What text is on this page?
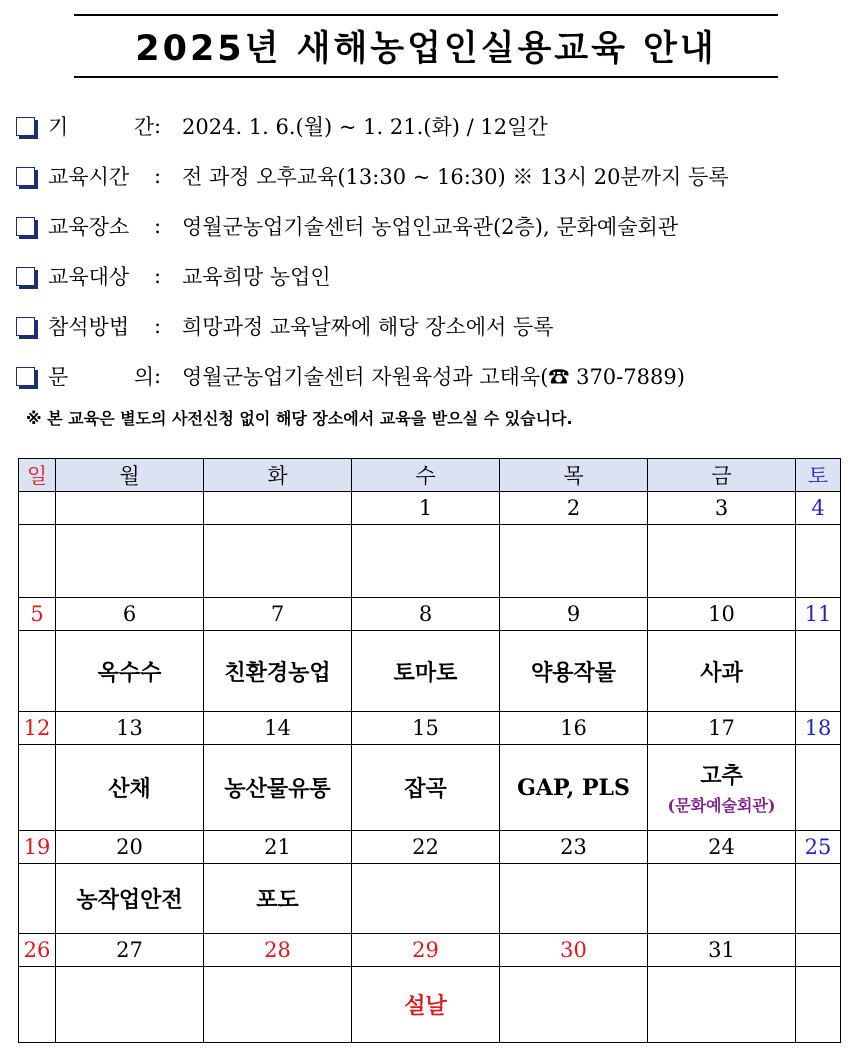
2025년 새해농업인실용교육 안내
기	간 : 2024. 1. 6.(월) ~ 1. 21.(화) / 12일간
교육시간	: 전 과정 오후교육(13:30 ~ 16:30) ※ 13시 20분까지 등록
교육장소	: 영월군농업기술센터 농업인교육관(2층), 문화예술회관
교육대상	: 교육희망 농업인
참석방법	: 희망과정 교육날짜에 해당 장소에서 등록
문	의 : 영월군농업기술센터 자원육성과 고태욱(☎ 370-7889)
※ 본 교육은 별도의 사전신청 없이 해당 장소에서 교육을 받으실 수 있습니다.
일	월	화	수	목	금	토
			1	2	3	4

5	6	7	8	9	10	11
	옥수수	친환경농업	토마토	약용작물	사과	
12	13	14	15	16	17	18
	산채	농산물유통	잡곡	GAP, PLS	고추
(문화예술회관)	

19	20	21	22	23	24	25
	농작업안전	포도				
26	27	28	29	30	31	
			설날			
